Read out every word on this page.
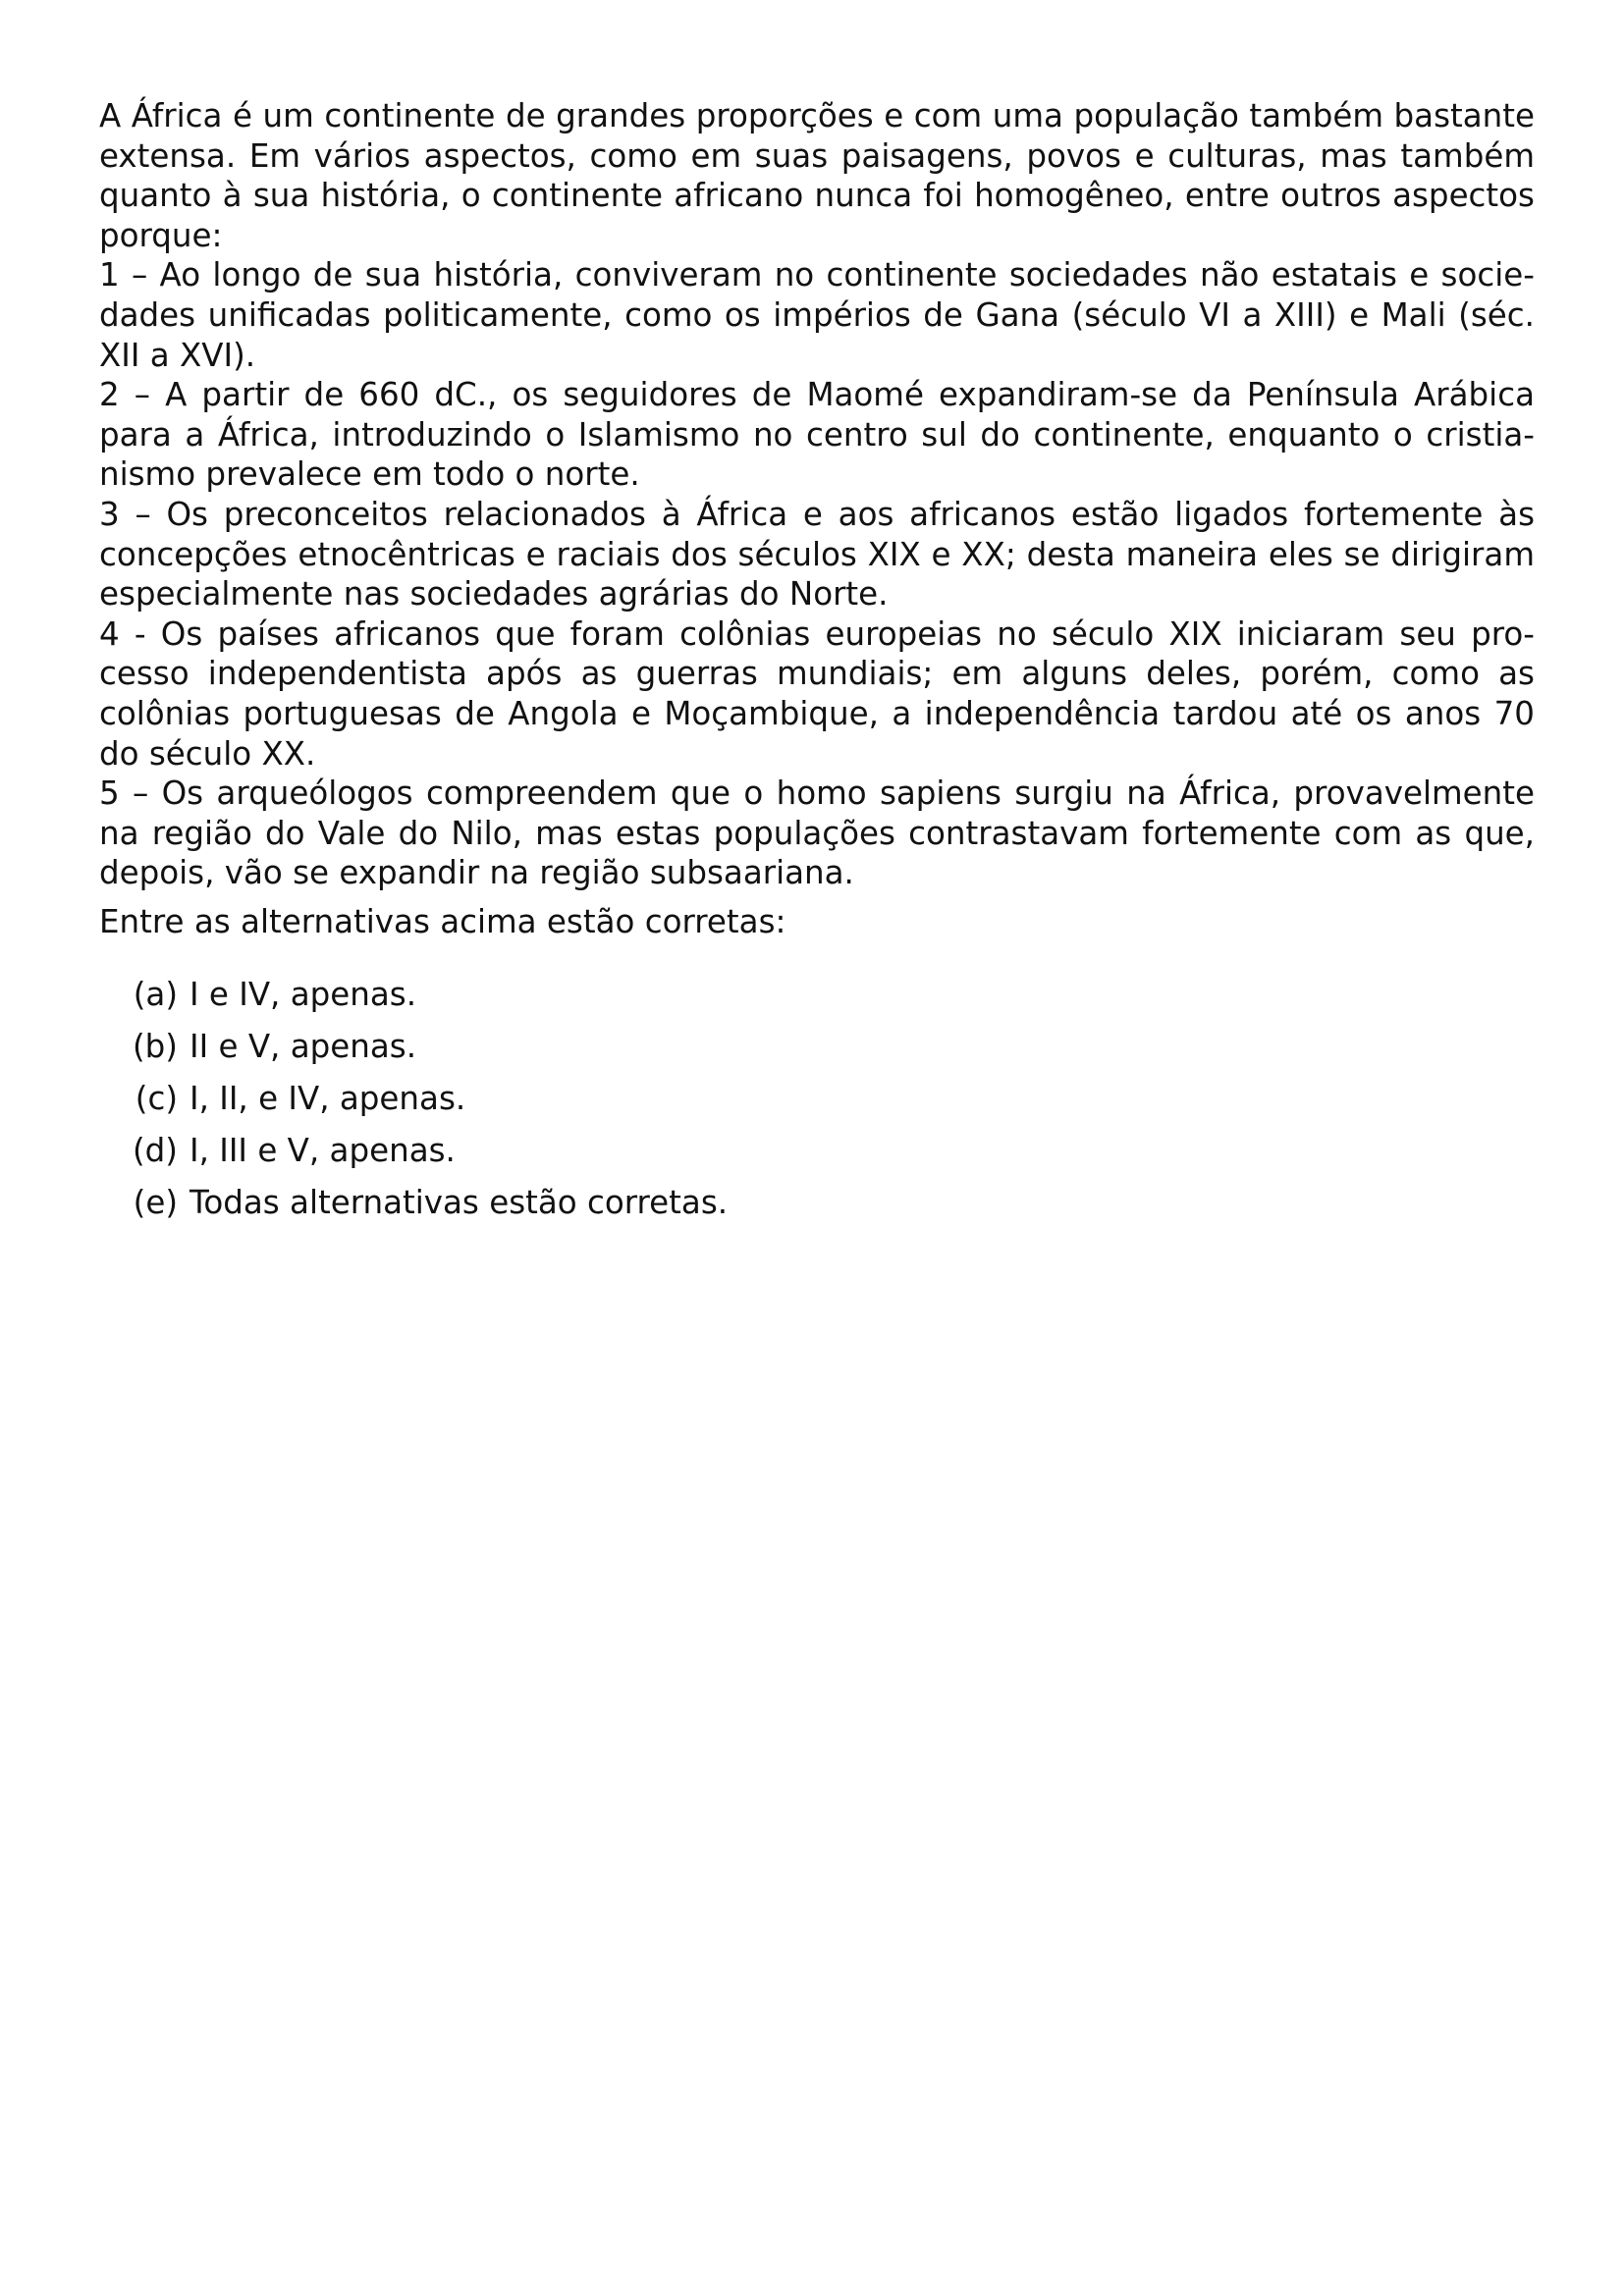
A África é um continente de grandes proporções e com uma população também bastante extensa. Em vários aspectos, como em suas paisagens, povos e culturas, mas também quanto à sua história, o continente africano nunca foi homogêneo, entre outros aspectos porque:

1 – Ao longo de sua história, conviveram no continente sociedades não estatais e sociedades unificadas politicamente, como os impérios de Gana (século VI a XIII) e Mali (séc. XII a XVI).

2 – A partir de 660 dC., os seguidores de Maomé expandiram-se da Península Arábica para a África, introduzindo o Islamismo no centro sul do continente, enquanto o cristianismo prevalece em todo o norte.

3 – Os preconceitos relacionados à África e aos africanos estão ligados fortemente às concepções etnocêntricas e raciais dos séculos XIX e XX; desta maneira eles se dirigiram especialmente nas sociedades agrárias do Norte.

4 - Os países africanos que foram colônias europeias no século XIX iniciaram seu processo independentista após as guerras mundiais; em alguns deles, porém, como as colônias portuguesas de Angola e Moçambique, a independência tardou até os anos 70 do século XX.

5 – Os arqueólogos compreendem que o homo sapiens surgiu na África, provavelmente na região do Vale do Nilo, mas estas populações contrastavam fortemente com as que, depois, vão se expandir na região subsaariana.

Entre as alternativas acima estão corretas:

(a) I e IV, apenas.
(b) II e V, apenas.
(c) I, II, e IV, apenas.
(d) I, III e V, apenas.
(e) Todas alternativas estão corretas.
